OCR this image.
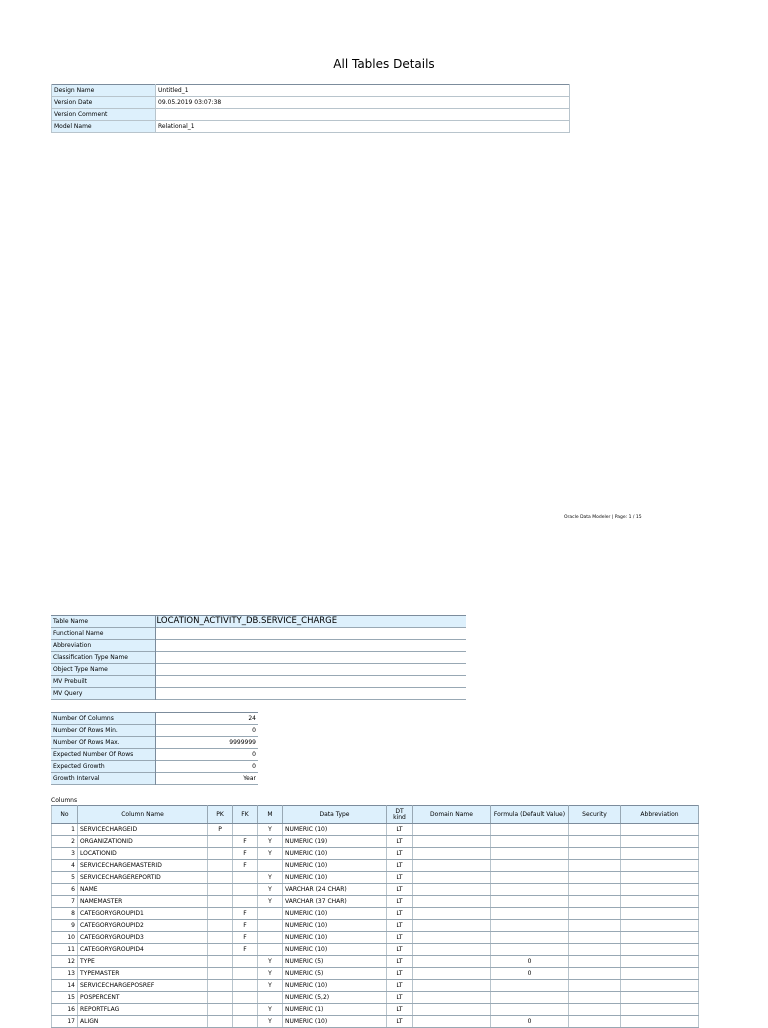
All Tables Details
Design Name	Untitled_1
Version Date	09.05.2019 03:07:38
Version Comment	
Model Name	Relational_1
Oracle Data Modeler | Page: 1 / 15
Table Name	LOCATION_ACTIVITY_DB.SERVICE_CHARGE
Functional Name	
Abbreviation	
Classification Type Name	
Object Type Name	
MV Prebuilt	
MV Query	
Number Of Columns	24
Number Of Rows Min.	0
Number Of Rows Max.	9999999
Expected Number Of Rows	0
Expected Growth	0
Growth Interval	Year
Columns
No	Column Name	PK	FK	M	Data Type	DT kind	Domain Name	Formula (Default Value)	Security	Abbreviation
1	SERVICECHARGEID	P		Y	NUMERIC (10)	LT				
2	ORGANIZATIONID		F	Y	NUMERIC (19)	LT				
3	LOCATIONID		F	Y	NUMERIC (10)	LT				
4	SERVICECHARGEMASTERID		F		NUMERIC (10)	LT				
5	SERVICECHARGEREPORTID			Y	NUMERIC (10)	LT				
6	NAME			Y	VARCHAR (24 CHAR)	LT				
7	NAMEMASTER			Y	VARCHAR (37 CHAR)	LT				
8	CATEGORYGROUPID1		F		NUMERIC (10)	LT				
9	CATEGORYGROUPID2		F		NUMERIC (10)	LT				
10	CATEGORYGROUPID3		F		NUMERIC (10)	LT				
11	CATEGORYGROUPID4		F		NUMERIC (10)	LT				
12	TYPE			Y	NUMERIC (5)	LT		0		
13	TYPEMASTER			Y	NUMERIC (5)	LT		0		
14	SERVICECHARGEPOSREF			Y	NUMERIC (10)	LT				
15	POSPERCENT				NUMERIC (5,2)	LT				
16	REPORTFLAG			Y	NUMERIC (1)	LT				
17	ALIGN			Y	NUMERIC (10)	LT		0		
